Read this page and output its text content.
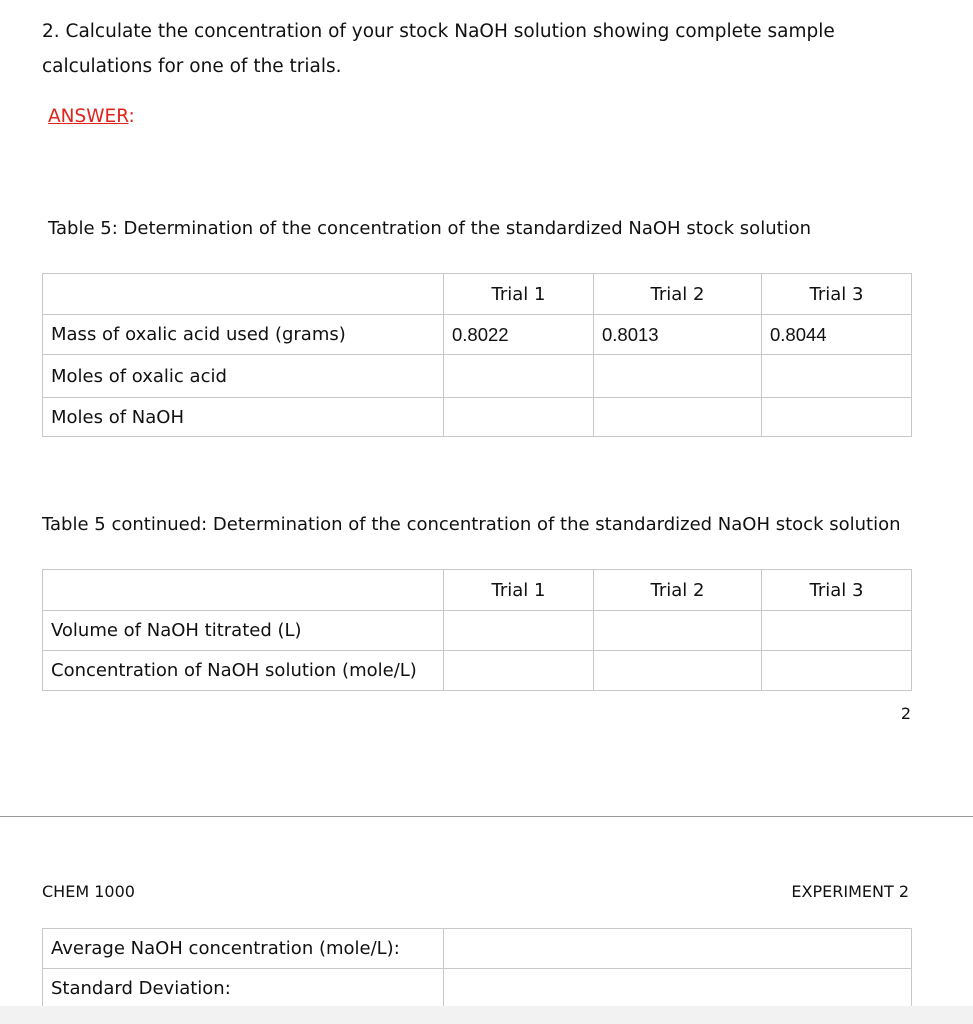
2. Calculate the concentration of your stock NaOH solution showing complete sample
calculations for one of the trials.
ANSWER:
Table 5: Determination of the concentration of the standardized NaOH stock solution
	Trial 1	Trial 2	Trial 3
Mass of oxalic acid used (grams)	0.8022	0.8013	0.8044
Moles of oxalic acid			
Moles of NaOH			
Table 5 continued: Determination of the concentration of the standardized NaOH stock solution
	Trial 1	Trial 2	Trial 3
Volume of NaOH titrated (L)			
Concentration of NaOH solution (mole/L)			
2
CHEM 1000	EXPERIMENT 2
Average NaOH concentration (mole/L):	
Standard Deviation:	
